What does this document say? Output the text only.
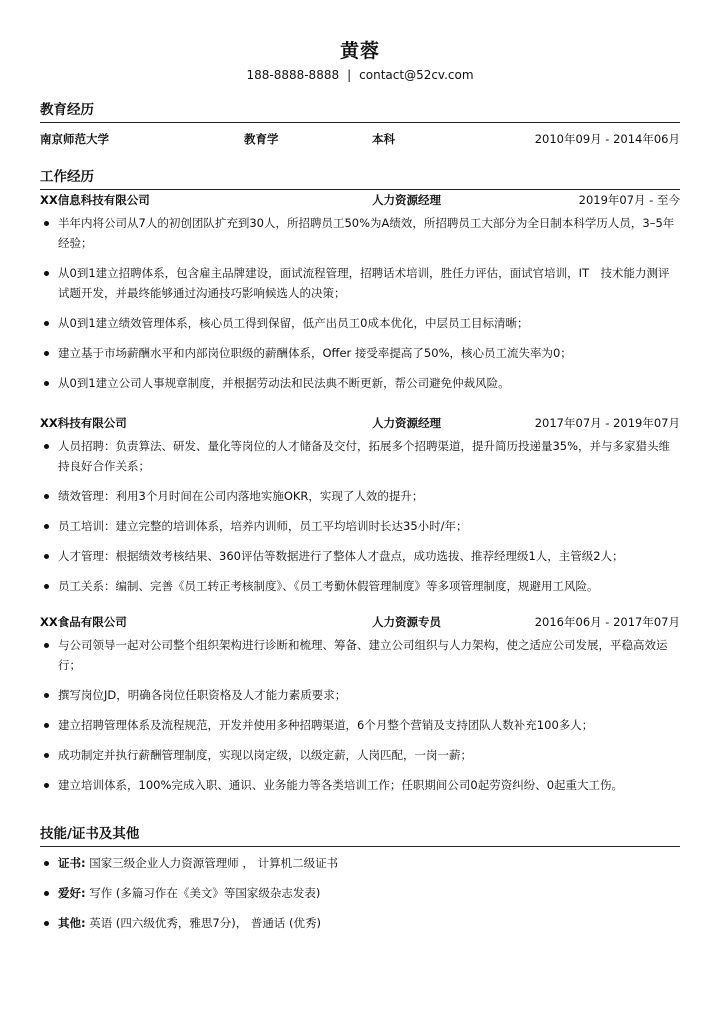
黄蓉
188-8888-8888 | contact@52cv.com
教育经历
南京师范大学	教育学	本科	2010年09月 - 2014年06月
工作经历
XX信息科技有限公司	人力资源经理	2019年07月 - 至今
半年内将公司从7人的初创团队扩充到30人，所招聘员工50%为A绩效，所招聘员工大部分为全日制本科学历人员，3–5年经验；
从0到1建立招聘体系，包含雇主品牌建设，面试流程管理，招聘话术培训，胜任力评估，面试官培训，IT　技术能力测评试题开发，并最终能够通过沟通技巧影响候选人的决策；
从0到1建立绩效管理体系，核心员工得到保留，低产出员工0成本优化，中层员工目标清晰；
建立基于市场薪酬水平和内部岗位职级的薪酬体系，Offer 接受率提高了50%，核心员工流失率为0；
从0到1建立公司人事规章制度，并根据劳动法和民法典不断更新，帮公司避免仲裁风险。
XX科技有限公司	人力资源经理	2017年07月 - 2019年07月
人员招聘：负责算法、研发、量化等岗位的人才储备及交付，拓展多个招聘渠道，提升简历投递量35%，并与多家猎头维持良好合作关系；
绩效管理：利用3个月时间在公司内落地实施OKR，实现了人效的提升；
员工培训：建立完整的培训体系，培养内训师，员工平均培训时长达35小时/年；
人才管理：根据绩效考核结果、360评估等数据进行了整体人才盘点，成功选拔、推荐经理级1人，主管级2人；
员工关系：编制、完善《员工转正考核制度》、《员工考勤休假管理制度》等多项管理制度，规避用工风险。
XX食品有限公司	人力资源专员	2016年06月 - 2017年07月
与公司领导一起对公司整个组织架构进行诊断和梳理、筹备、建立公司组织与人力架构，使之适应公司发展，平稳高效运行；
撰写岗位JD，明确各岗位任职资格及人才能力素质要求；
建立招聘管理体系及流程规范，开发并使用多种招聘渠道，6个月整个营销及支持团队人数补充100多人；
成功制定并执行薪酬管理制度，实现以岗定级，以级定薪，人岗匹配，一岗一薪；
建立培训体系，100%完成入职、通识、业务能力等各类培训工作；任职期间公司0起劳资纠纷、0起重大工伤。
技能/证书及其他
证书: 国家三级企业人力资源管理师 ， 计算机二级证书
爱好: 写作 (多篇习作在《美文》等国家级杂志发表)
其他: 英语 (四六级优秀，雅思7分)， 普通话 (优秀)
